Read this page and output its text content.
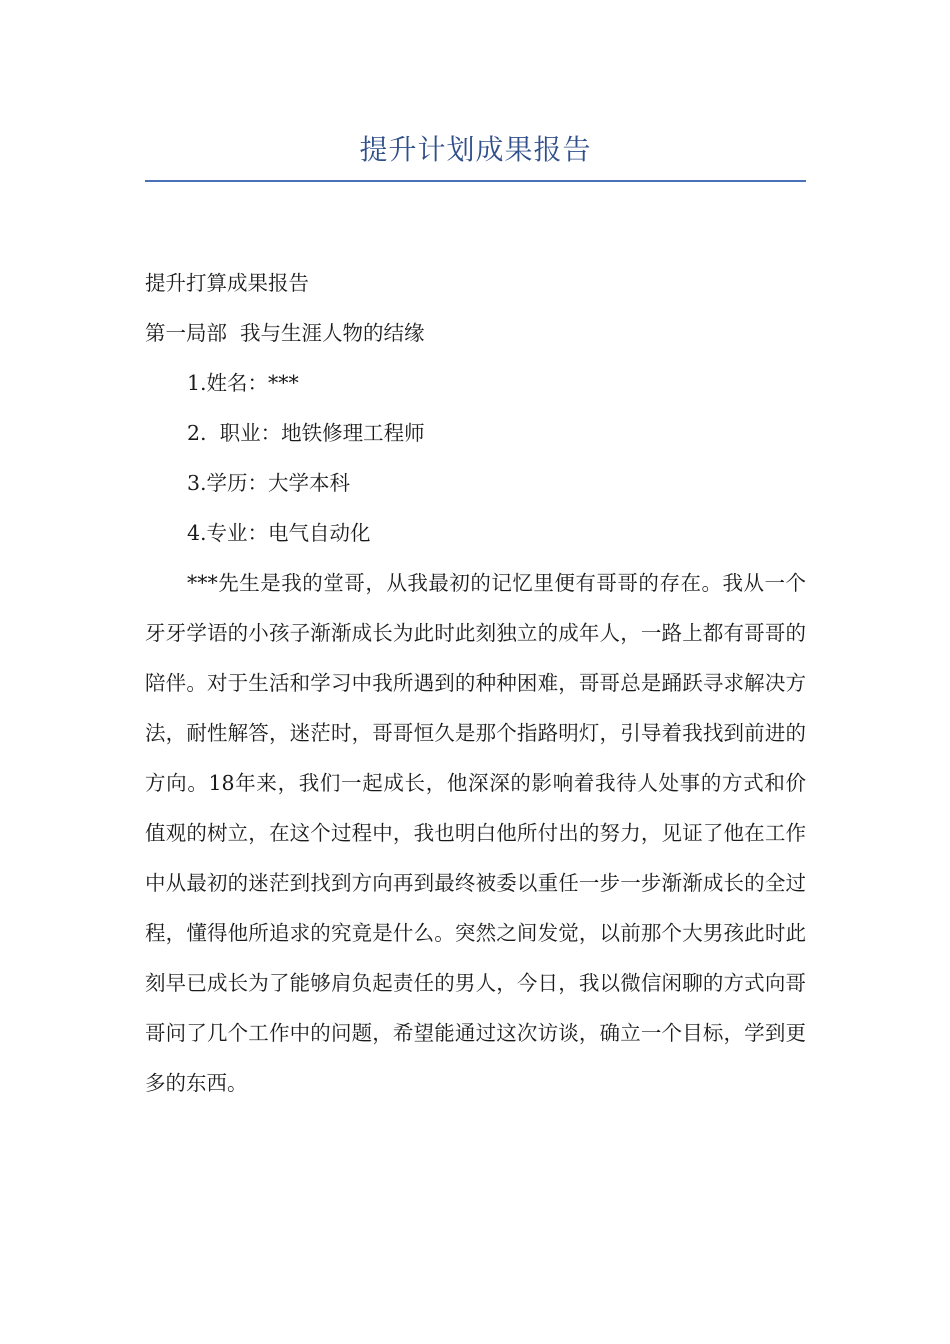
提升计划成果报告

提升打算成果报告

第一局部  我与生涯人物的结缘

1.姓名：***

2.  职业：地铁修理工程师

3.学历：大学本科

4.专业：电气自动化

***先生是我的堂哥，从我最初的记忆里便有哥哥的存在。我从一个牙牙学语的小孩子渐渐成长为此时此刻独立的成年人，一路上都有哥哥的陪伴。对于生活和学习中我所遇到的种种困难，哥哥总是踊跃寻求解决方法，耐性解答，迷茫时，哥哥恒久是那个指路明灯，引导着我找到前进的方向。18年来，我们一起成长，他深深的影响着我待人处事的方式和价值观的树立，在这个过程中，我也明白他所付出的努力，见证了他在工作中从最初的迷茫到找到方向再到最终被委以重任一步一步渐渐成长的全过程，懂得他所追求的究竟是什么。突然之间发觉，以前那个大男孩此时此刻早已成长为了能够肩负起责任的男人，今日，我以微信闲聊的方式向哥哥问了几个工作中的问题，希望能通过这次访谈，确立一个目标，学到更多的东西。
